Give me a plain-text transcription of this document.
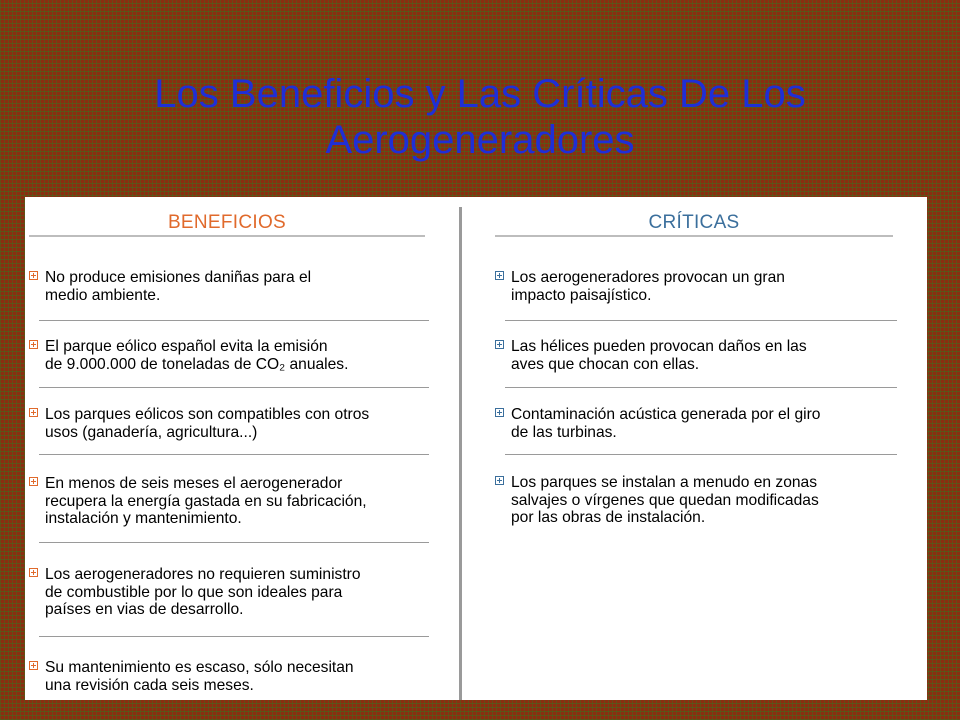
Los Beneficios y Las Críticas De Los
Aerogeneradores
BENEFICIOS
No produce emisiones daniñas para el
medio ambiente.
El parque eólico español evita la emisión
de 9.000.000 de toneladas de CO₂ anuales.
Los parques eólicos son compatibles con otros
usos (ganadería, agricultura...)
En menos de seis meses el aerogenerador
recupera la energía gastada en su fabricación,
instalación y mantenimiento.
Los aerogeneradores no requieren suministro
de combustible por lo que son ideales para
países en vias de desarrollo.
Su mantenimiento es escaso, sólo necesitan
una revisión cada seis meses.
CRÍTICAS
Los aerogeneradores provocan un gran
impacto paisajístico.
Las hélices pueden provocan daños en las
aves que chocan con ellas.
Contaminación acústica generada por el giro
de las turbinas.
Los parques se instalan a menudo en zonas
salvajes o vírgenes que quedan modificadas
por las obras de instalación.
